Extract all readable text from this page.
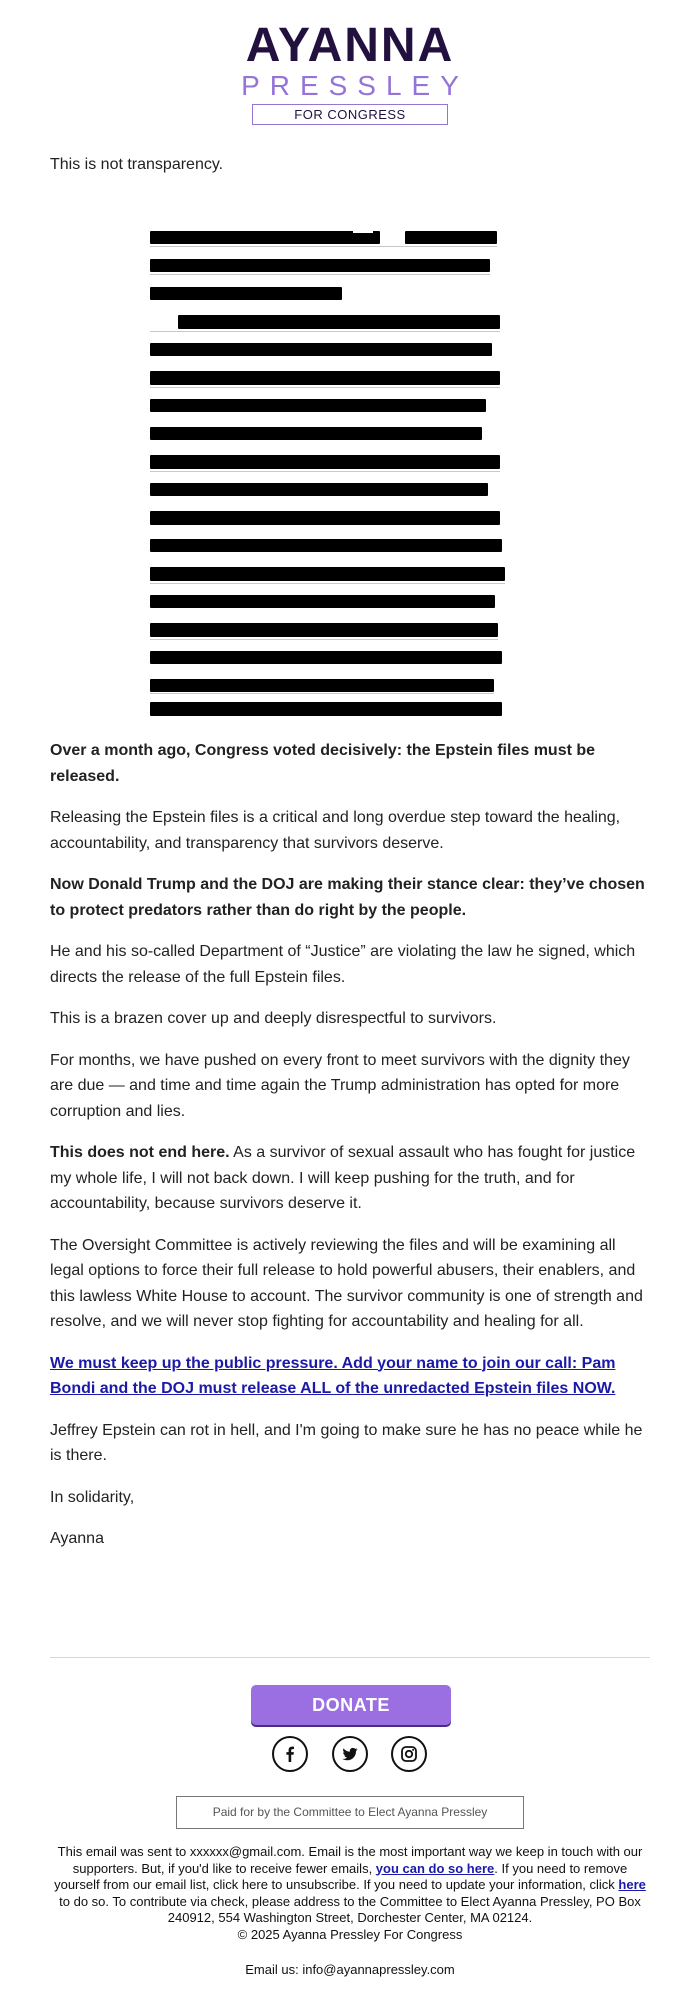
AYANNA
PRESSLEY
FOR CONGRESS

This is not transparency.

Over a month ago, Congress voted decisively: the Epstein files must be released.

Releasing the Epstein files is a critical and long overdue step toward the healing, accountability, and transparency that survivors deserve.

Now Donald Trump and the DOJ are making their stance clear: they’ve chosen to protect predators rather than do right by the people.

He and his so-called Department of “Justice” are violating the law he signed, which directs the release of the full Epstein files.

This is a brazen cover up and deeply disrespectful to survivors.

For months, we have pushed on every front to meet survivors with the dignity they are due — and time and time again the Trump administration has opted for more corruption and lies.

This does not end here. As a survivor of sexual assault who has fought for justice my whole life, I will not back down. I will keep pushing for the truth, and for accountability, because survivors deserve it.

The Oversight Committee is actively reviewing the files and will be examining all legal options to force their full release to hold powerful abusers, their enablers, and this lawless White House to account. The survivor community is one of strength and resolve, and we will never stop fighting for accountability and healing for all.

We must keep up the public pressure. Add your name to join our call: Pam Bondi and the DOJ must release ALL of the unredacted Epstein files NOW.

Jeffrey Epstein can rot in hell, and I'm going to make sure he has no peace while he is there.

In solidarity,

Ayanna

DONATE
Paid for by the Committee to Elect Ayanna Pressley
This email was sent to xxxxxx@gmail.com. Email is the most important way we keep in touch with our supporters. But, if you'd like to receive fewer emails, you can do so here. If you need to remove yourself from our email list, click here to unsubscribe. If you need to update your information, click here to do so. To contribute via check, please address to the Committee to Elect Ayanna Pressley, PO Box 240912, 554 Washington Street, Dorchester Center, MA 02124.
© 2025 Ayanna Pressley For Congress
Email us: info@ayannapressley.com
